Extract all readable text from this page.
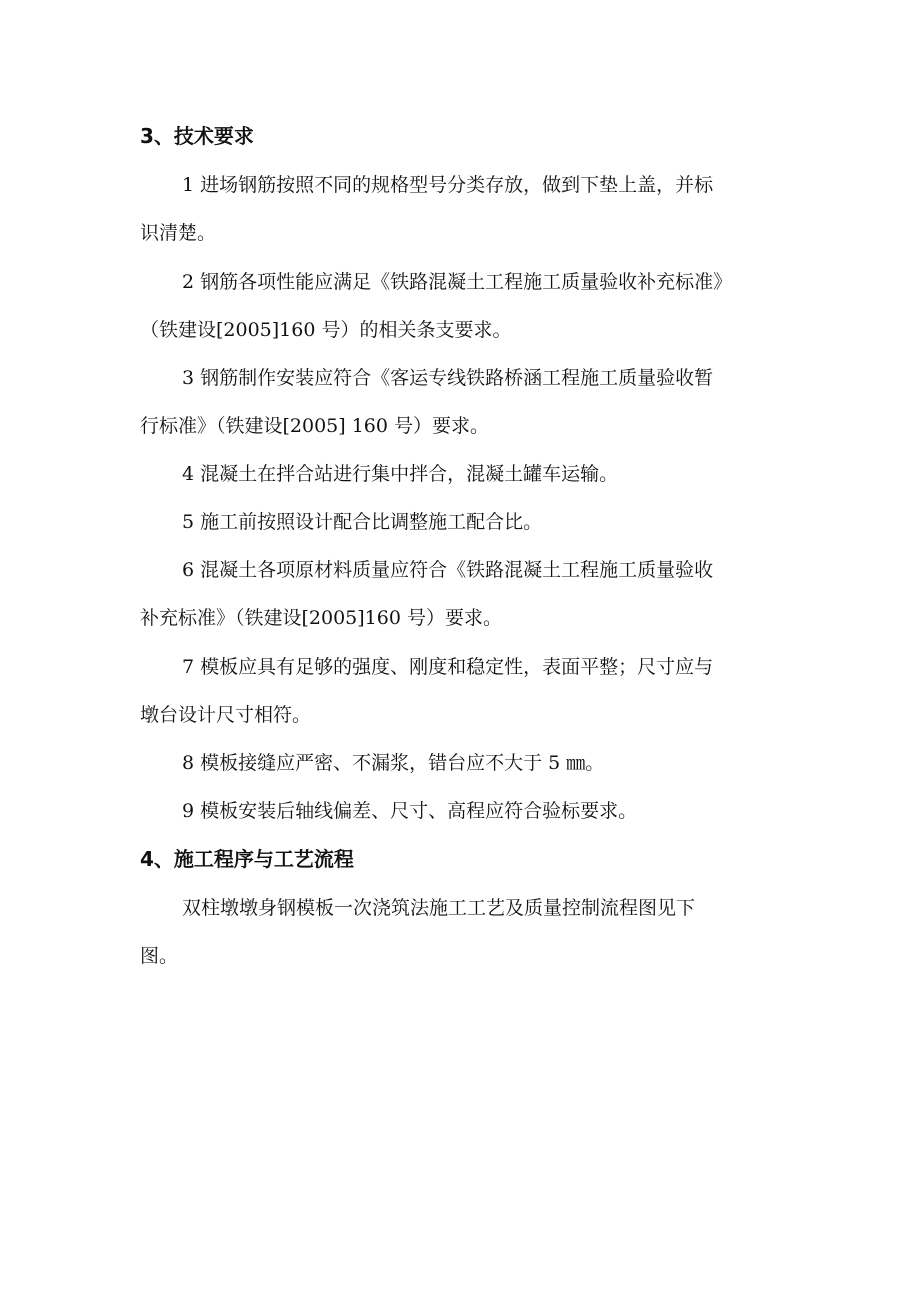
3、技术要求
1 进场钢筋按照不同的规格型号分类存放，做到下垫上盖，并标
识清楚。
2 钢筋各项性能应满足《铁路混凝土工程施工质量验收补充标准》
（铁建设[2005]160 号）的相关条支要求。
3 钢筋制作安装应符合《客运专线铁路桥涵工程施工质量验收暂
行标准》（铁建设[2005] 160 号）要求。
4 混凝土在拌合站进行集中拌合，混凝土罐车运输。
5 施工前按照设计配合比调整施工配合比。
6 混凝土各项原材料质量应符合《铁路混凝土工程施工质量验收
补充标准》（铁建设[2005]160 号）要求。
7 模板应具有足够的强度、刚度和稳定性，表面平整；尺寸应与
墩台设计尺寸相符。
8 模板接缝应严密、不漏浆，错台应不大于 5 ㎜。
9 模板安装后轴线偏差、尺寸、高程应符合验标要求。
4、施工程序与工艺流程
双柱墩墩身钢模板一次浇筑法施工工艺及质量控制流程图见下
图。
